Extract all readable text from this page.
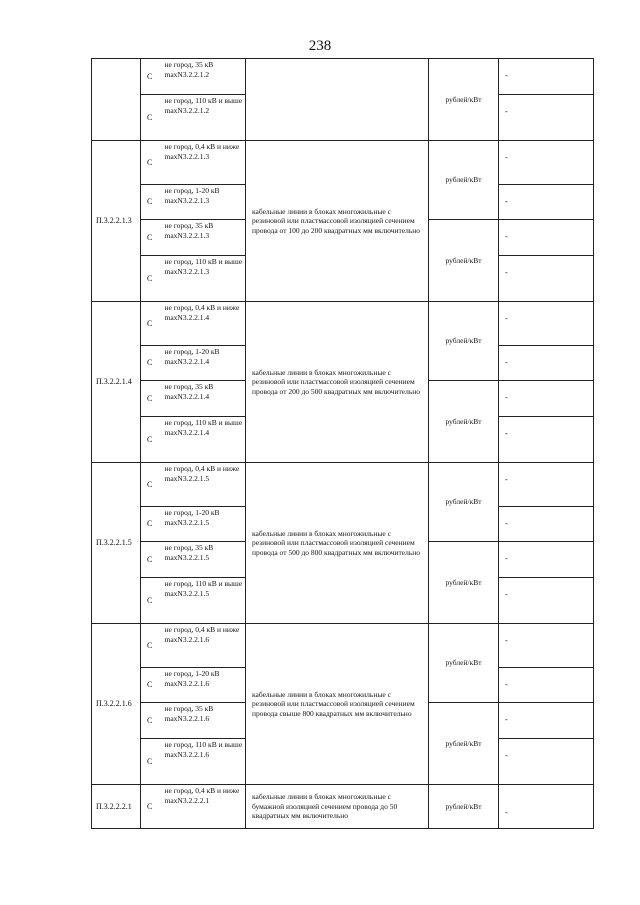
238
	С	не город, 35 кВ
maxN3.2.2.1.2		рублей/кВт	-
	С	не город, 110 кВ и выше
maxN3.2.2.1.2			-
П.3.2.2.1.3	С	не город, 0,4 кВ и ниже
maxN3.2.2.1.3	кабельные линии в блоках многожильные с резиновой или пластмассовой изоляцией сечением провода от 100 до 200 квадратных мм включительно	рублей/кВт	-
	С	не город, 1-20 кВ
maxN3.2.2.1.3			-
	С	не город, 35 кВ
maxN3.2.2.1.3		рублей/кВт	-
	С	не город, 110 кВ и выше
maxN3.2.2.1.3			-
П.3.2.2.1.4	С	не город, 0,4 кВ и ниже
maxN3.2.2.1.4	кабельные линии в блоках многожильные с резиновой или пластмассовой изоляцией сечением провода от 200 до 500 квадратных мм включительно	рублей/кВт	-
	С	не город, 1-20 кВ
maxN3.2.2.1.4			-
	С	не город, 35 кВ
maxN3.2.2.1.4		рублей/кВт	-
	С	не город, 110 кВ и выше
maxN3.2.2.1.4			-
П.3.2.2.1.5	С	не город, 0,4 кВ и ниже
maxN3.2.2.1.5	кабельные линии в блоках многожильные с резиновой или пластмассовой изоляцией сечением провода от 500 до 800 квадратных мм включительно	рублей/кВт	-
	С	не город, 1-20 кВ
maxN3.2.2.1.5			-
	С	не город, 35 кВ
maxN3.2.2.1.5		рублей/кВт	-
	С	не город, 110 кВ и выше
maxN3.2.2.1.5			-
П.3.2.2.1.6	С	не город, 0,4 кВ и ниже
maxN3.2.2.1.6	кабельные линии в блоках многожильные с резиновой или пластмассовой изоляцией сечением провода свыше 800 квадратных мм включительно	рублей/кВт	-
	С	не город, 1-20 кВ
maxN3.2.2.1.6			-
	С	не город, 35 кВ
maxN3.2.2.1.6		рублей/кВт	-
	С	не город, 110 кВ и выше
maxN3.2.2.1.6			-
П.3.2.2.2.1	С	не город, 0,4 кВ и ниже
maxN3.2.2.2.1	кабельные линии в блоках многожильные с бумажной изоляцией сечением провода до 50 квадратных мм включительно	рублей/кВт	-
